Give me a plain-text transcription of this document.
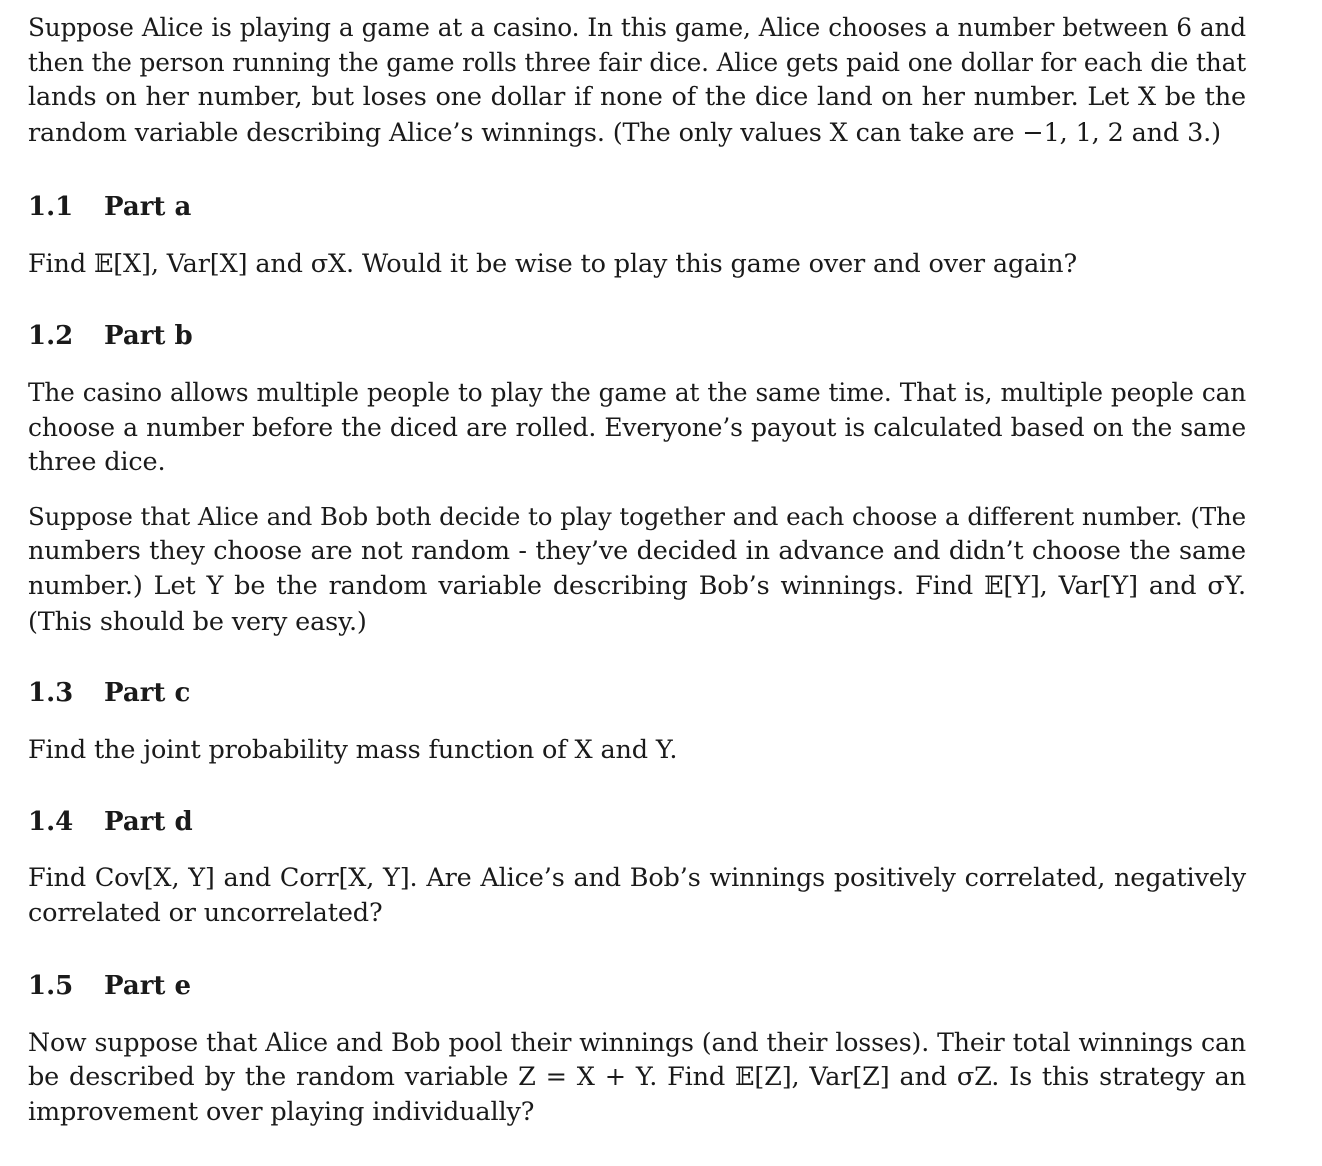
Suppose Alice is playing a game at a casino. In this game, Alice chooses a number between 6 and
then the person running the game rolls three fair dice. Alice gets paid one dollar for each die that
lands on her number, but loses one dollar if none of the dice land on her number. Let X be the
random variable describing Alice’s winnings. (The only values X can take are −1, 1, 2 and 3.)

1.1	Part a

Find 𝔼[X], Var[X] and σX. Would it be wise to play this game over and over again?

1.2	Part b

The casino allows multiple people to play the game at the same time. That is, multiple people can
choose a number before the diced are rolled. Everyone’s payout is calculated based on the same
three dice.

Suppose that Alice and Bob both decide to play together and each choose a different number. (The
numbers they choose are not random - they’ve decided in advance and didn’t choose the same
number.) Let Y be the random variable describing Bob’s winnings. Find 𝔼[Y], Var[Y] and σY.
(This should be very easy.)

1.3	Part c

Find the joint probability mass function of X and Y.

1.4	Part d

Find Cov[X, Y] and Corr[X, Y]. Are Alice’s and Bob’s winnings positively correlated, negatively
correlated or uncorrelated?

1.5	Part e

Now suppose that Alice and Bob pool their winnings (and their losses). Their total winnings can
be described by the random variable Z = X + Y. Find 𝔼[Z], Var[Z] and σZ. Is this strategy an
improvement over playing individually?
